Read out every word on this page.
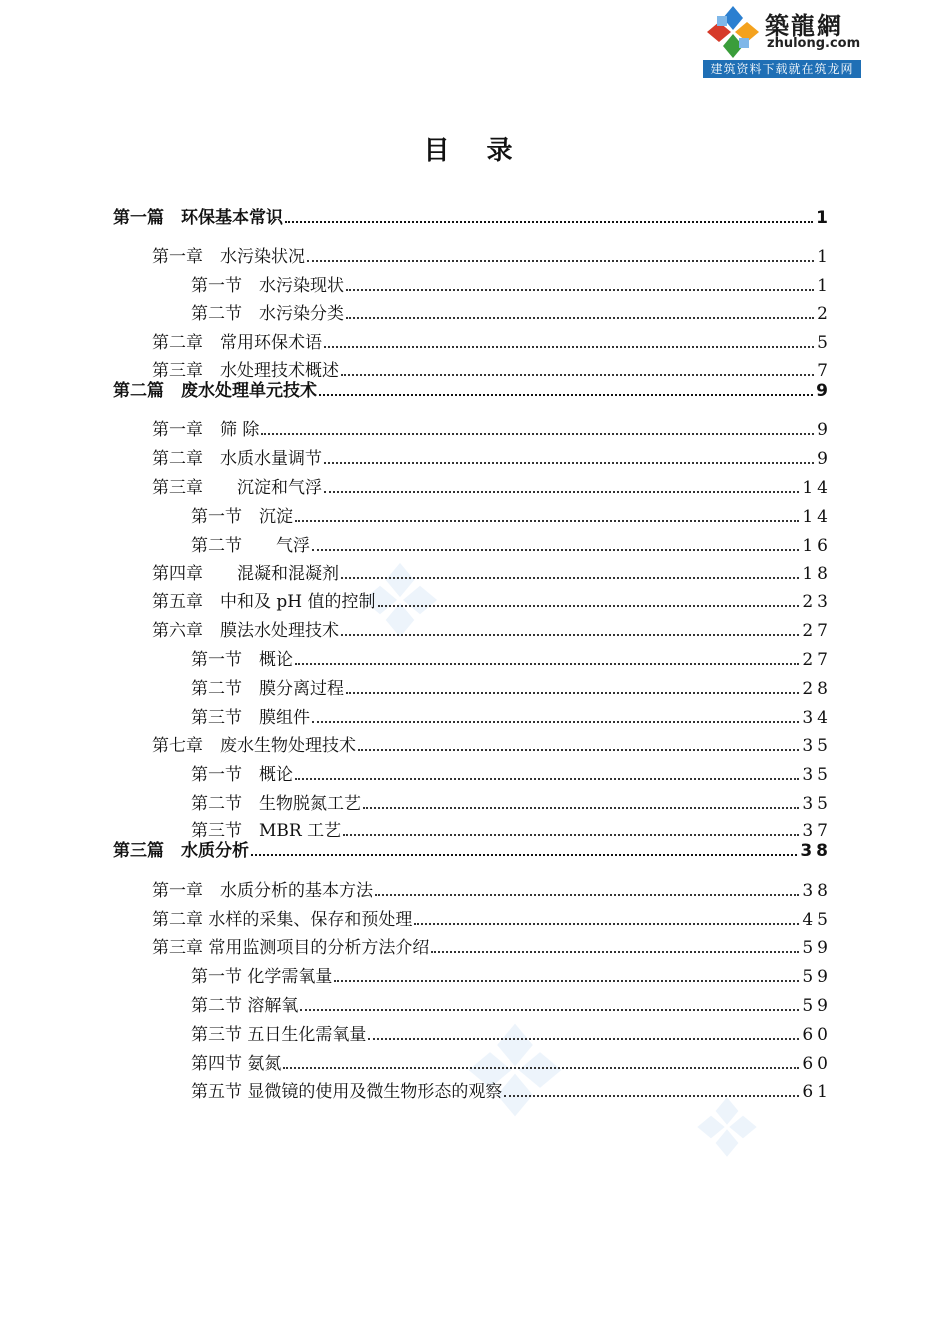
築龍網
zhulong.com
建筑资料下载就在筑龙网
目 录
第一篇　环保基本常识	1
第一章　水污染状况	1
第一节　水污染现状	1
第二节　水污染分类	2
第二章　常用环保术语	5
第三章　水处理技术概述	7
第二篇　废水处理单元技术	9
第一章　筛 除	9
第二章　水质水量调节	9
第三章　　沉淀和气浮	14
第一节　沉淀	14
第二节　　气浮	16
第四章　　混凝和混凝剂	18
第五章　中和及 pH 值的控制	23
第六章　膜法水处理技术	27
第一节　概论	27
第二节　膜分离过程	28
第三节　膜组件	34
第七章　废水生物处理技术	35
第一节　概论	35
第二节　生物脱氮工艺	35
第三节　MBR 工艺	37
第三篇　水质分析	38
第一章　水质分析的基本方法	38
第二章 水样的采集、保存和预处理	45
第三章 常用监测项目的分析方法介绍	59
第一节 化学需氧量	59
第二节 溶解氧	59
第三节 五日生化需氧量	60
第四节 氨氮	60
第五节 显微镜的使用及微生物形态的观察	61
